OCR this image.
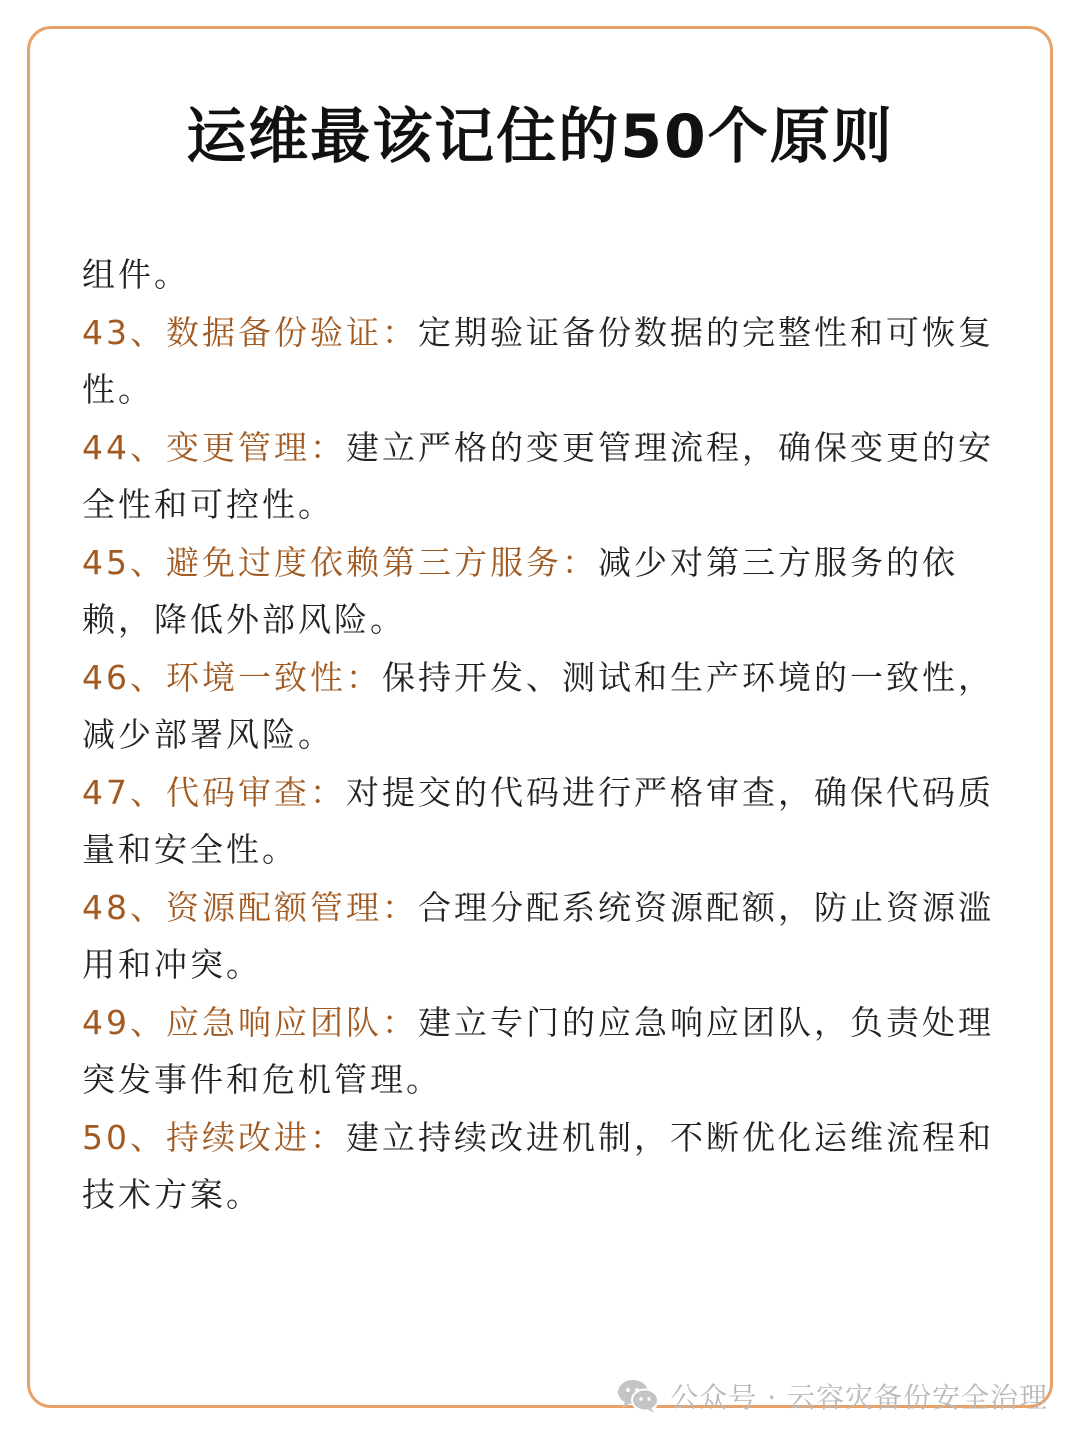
运维最该记住的50个原则

组件。

43、数据备份验证：定期验证备份数据的完整性和可恢复性。

44、变更管理：建立严格的变更管理流程，确保变更的安全性和可控性。

45、避免过度依赖第三方服务：减少对第三方服务的依赖，降低外部风险。

46、环境一致性：保持开发、测试和生产环境的一致性，减少部署风险。

47、代码审查：对提交的代码进行严格审查，确保代码质量和安全性。

48、资源配额管理：合理分配系统资源配额，防止资源滥用和冲突。

49、应急响应团队：建立专门的应急响应团队，负责处理突发事件和危机管理。

50、持续改进：建立持续改进机制，不断优化运维流程和技术方案。

公众号 · 云容灾备份安全治理
